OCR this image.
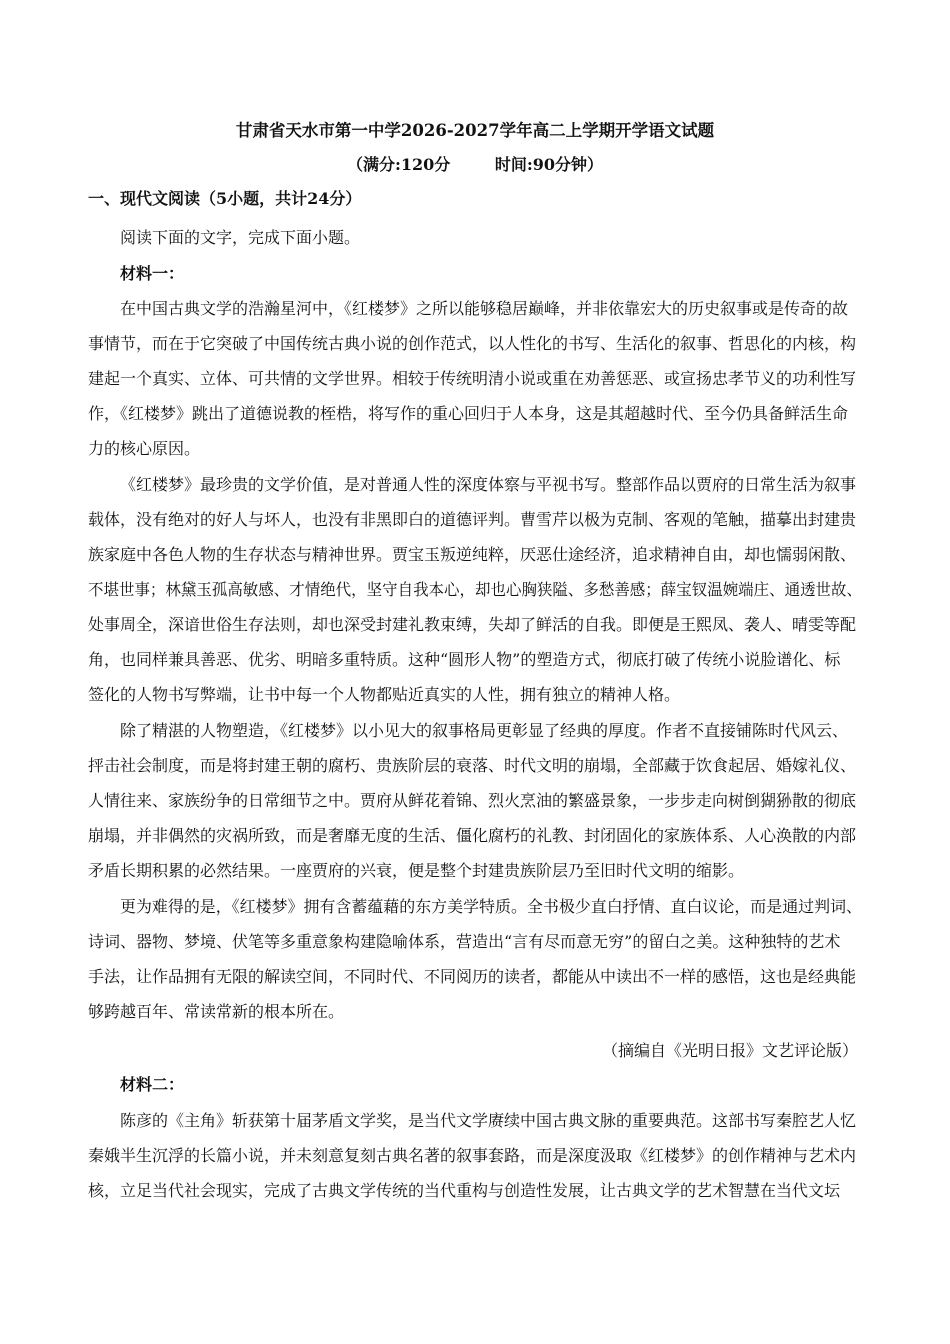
甘肃省天水市第一中学2026-2027学年高二上学期开学语文试题
（满分:120分        时间:90分钟）
一、现代文阅读（5小题，共计24分）
阅读下面的文字，完成下面小题。
材料一：
在中国古典文学的浩瀚星河中，《红楼梦》之所以能够稳居巅峰，并非依靠宏大的历史叙事或是传奇的故
事情节，而在于它突破了中国传统古典小说的创作范式，以人性化的书写、生活化的叙事、哲思化的内核，构
建起一个真实、立体、可共情的文学世界。相较于传统明清小说或重在劝善惩恶、或宣扬忠孝节义的功利性写
作，《红楼梦》跳出了道德说教的桎梏，将写作的重心回归于人本身，这是其超越时代、至今仍具备鲜活生命
力的核心原因。
《红楼梦》最珍贵的文学价值，是对普通人性的深度体察与平视书写。整部作品以贾府的日常生活为叙事
载体，没有绝对的好人与坏人，也没有非黑即白的道德评判。曹雪芹以极为克制、客观的笔触，描摹出封建贵
族家庭中各色人物的生存状态与精神世界。贾宝玉叛逆纯粹，厌恶仕途经济，追求精神自由，却也懦弱闲散、
不堪世事；林黛玉孤高敏感、才情绝代，坚守自我本心，却也心胸狭隘、多愁善感；薛宝钗温婉端庄、通透世故、
处事周全，深谙世俗生存法则，却也深受封建礼教束缚，失却了鲜活的自我。即便是王熙凤、袭人、晴雯等配
角，也同样兼具善恶、优劣、明暗多重特质。这种“圆形人物”的塑造方式，彻底打破了传统小说脸谱化、标
签化的人物书写弊端，让书中每一个人物都贴近真实的人性，拥有独立的精神人格。
除了精湛的人物塑造，《红楼梦》以小见大的叙事格局更彰显了经典的厚度。作者不直接铺陈时代风云、
抨击社会制度，而是将封建王朝的腐朽、贵族阶层的衰落、时代文明的崩塌，全部藏于饮食起居、婚嫁礼仪、
人情往来、家族纷争的日常细节之中。贾府从鲜花着锦、烈火烹油的繁盛景象，一步步走向树倒猢狲散的彻底
崩塌，并非偶然的灾祸所致，而是奢靡无度的生活、僵化腐朽的礼教、封闭固化的家族体系、人心涣散的内部
矛盾长期积累的必然结果。一座贾府的兴衰，便是整个封建贵族阶层乃至旧时代文明的缩影。
更为难得的是，《红楼梦》拥有含蓄蕴藉的东方美学特质。全书极少直白抒情、直白议论，而是通过判词、
诗词、器物、梦境、伏笔等多重意象构建隐喻体系，营造出“言有尽而意无穷”的留白之美。这种独特的艺术
手法，让作品拥有无限的解读空间，不同时代、不同阅历的读者，都能从中读出不一样的感悟，这也是经典能
够跨越百年、常读常新的根本所在。
（摘编自《光明日报》文艺评论版）
材料二：
陈彦的《主角》斩获第十届茅盾文学奖，是当代文学赓续中国古典文脉的重要典范。这部书写秦腔艺人忆
秦娥半生沉浮的长篇小说，并未刻意复刻古典名著的叙事套路，而是深度汲取《红楼梦》的创作精神与艺术内
核，立足当代社会现实，完成了古典文学传统的当代重构与创造性发展，让古典文学的艺术智慧在当代文坛
